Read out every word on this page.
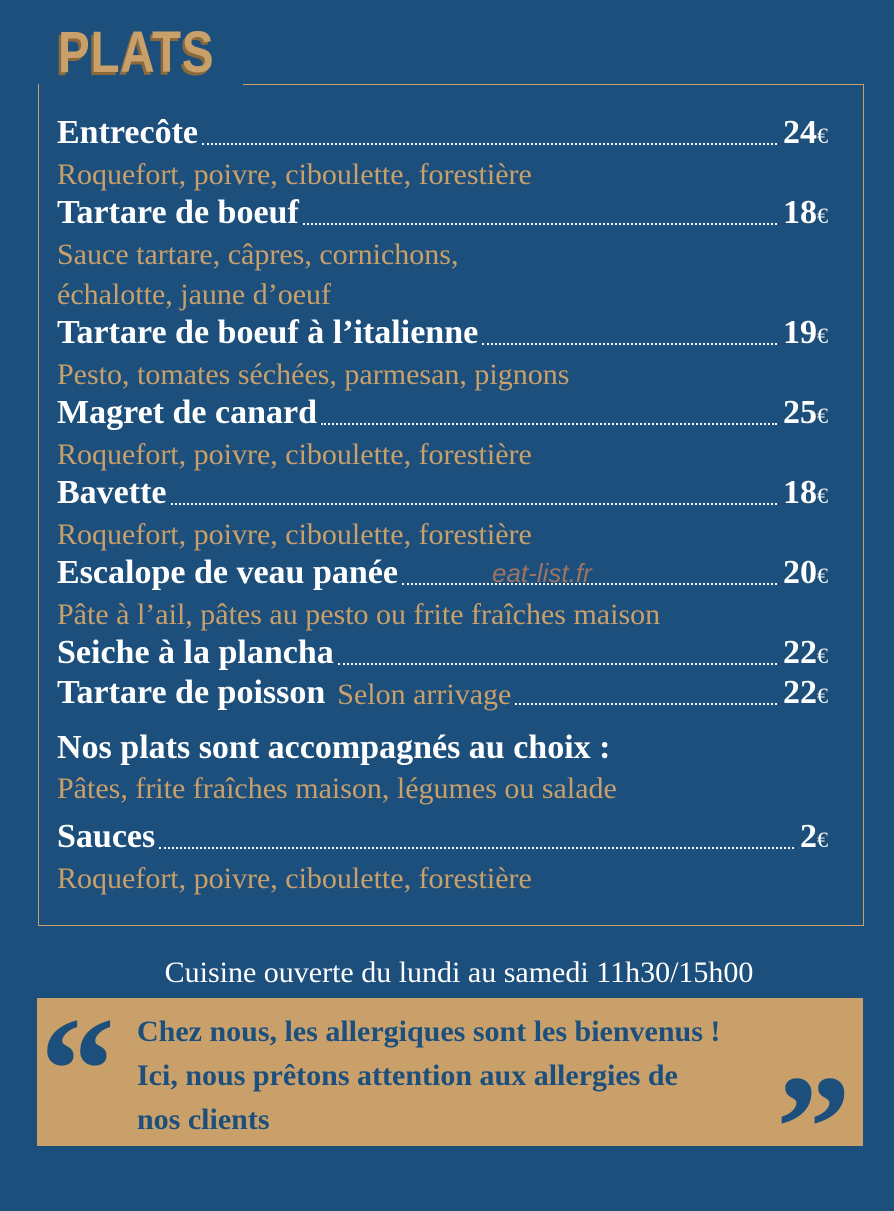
PLATS
Entrecôte	24€
Roquefort, poivre, ciboulette, forestière
Tartare de boeuf	18€
Sauce tartare, câpres, cornichons,
échalotte, jaune d’oeuf
Tartare de boeuf à l’italienne	19€
Pesto, tomates séchées, parmesan, pignons
Magret de canard	25€
Roquefort, poivre, ciboulette, forestière
Bavette	18€
Roquefort, poivre, ciboulette, forestière
Escalope de veau panée	20€
Pâte à l’ail, pâtes au pesto ou frite fraîches maison
Seiche à la plancha	22€
Tartare de poisson Selon arrivage	22€
Nos plats sont accompagnés au choix :
Pâtes, frite fraîches maison, légumes ou salade
Sauces	2€
Roquefort, poivre, ciboulette, forestière
eat-list.fr
Cuisine ouverte du lundi au samedi 11h30/15h00
“ Chez nous, les allergiques sont les bienvenus !
Ici, nous prêtons attention aux allergies de
nos clients	”
